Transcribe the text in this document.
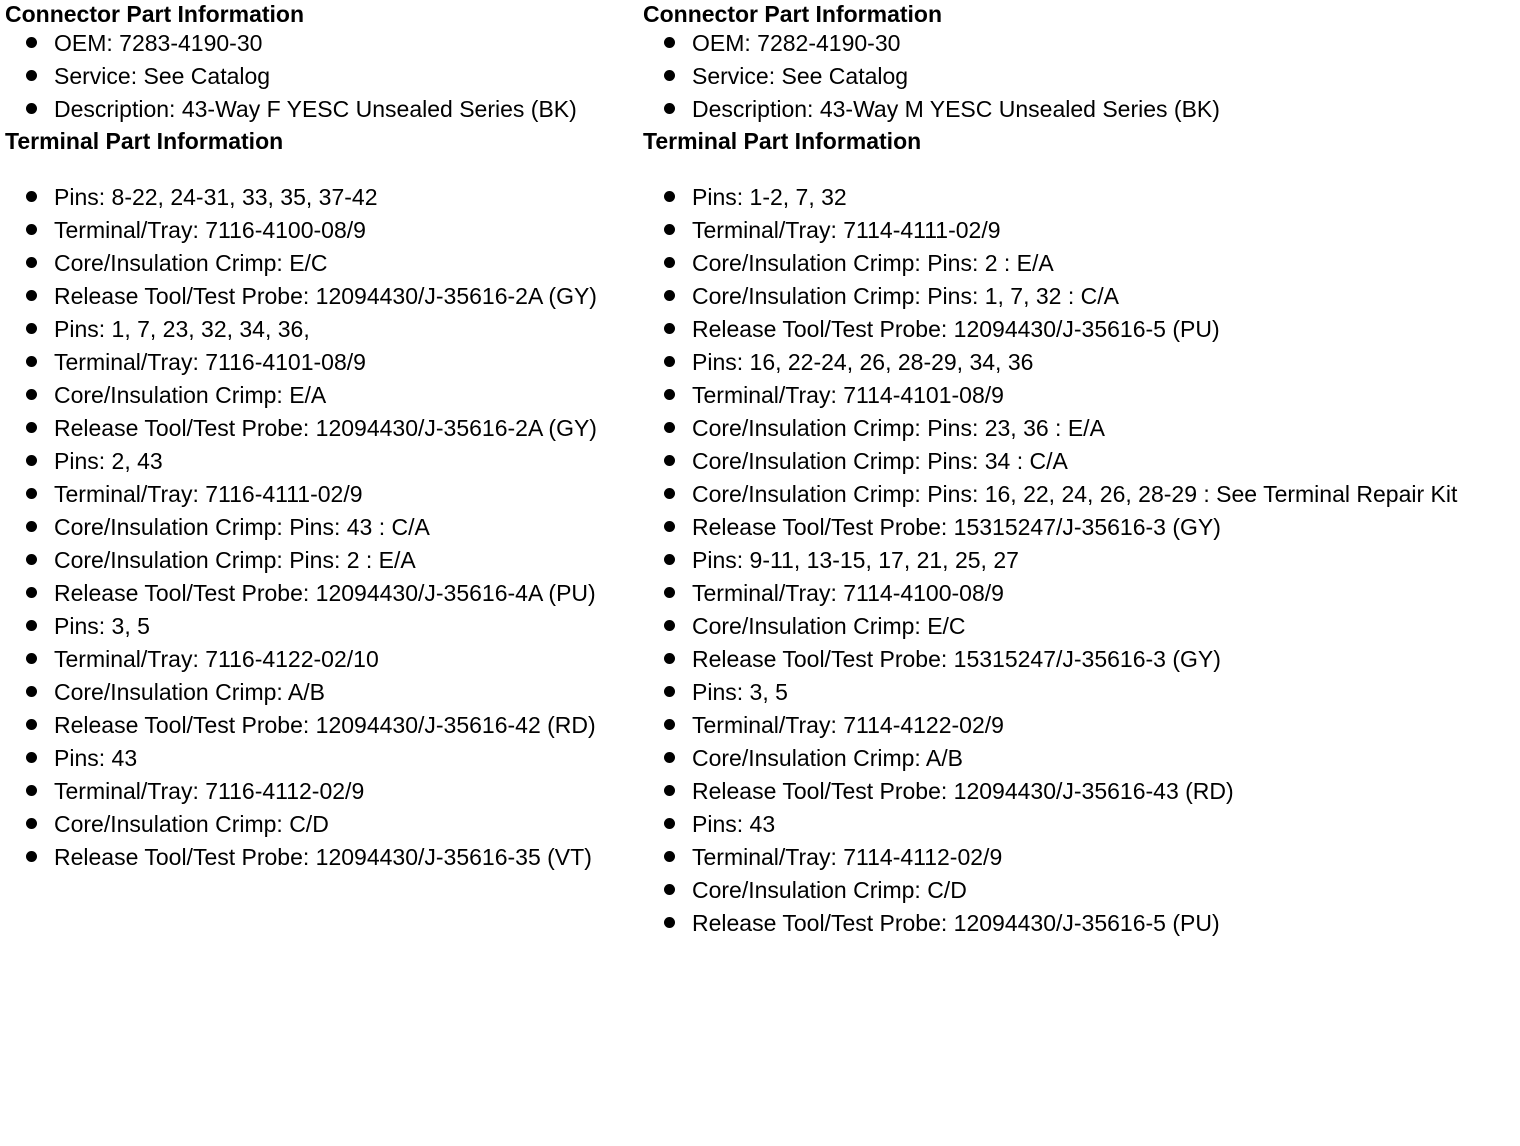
Connector Part Information
OEM: 7283-4190-30
Service: See Catalog
Description: 43-Way F YESC Unsealed Series (BK)
Terminal Part Information
Pins: 8-22, 24-31, 33, 35, 37-42
Terminal/Tray: 7116-4100-08/9
Core/Insulation Crimp: E/C
Release Tool/Test Probe: 12094430/J-35616-2A (GY)
Pins: 1, 7, 23, 32, 34, 36,
Terminal/Tray: 7116-4101-08/9
Core/Insulation Crimp: E/A
Release Tool/Test Probe: 12094430/J-35616-2A (GY)
Pins: 2, 43
Terminal/Tray: 7116-4111-02/9
Core/Insulation Crimp: Pins: 43 : C/A
Core/Insulation Crimp: Pins: 2 : E/A
Release Tool/Test Probe: 12094430/J-35616-4A (PU)
Pins: 3, 5
Terminal/Tray: 7116-4122-02/10
Core/Insulation Crimp: A/B
Release Tool/Test Probe: 12094430/J-35616-42 (RD)
Pins: 43
Terminal/Tray: 7116-4112-02/9
Core/Insulation Crimp: C/D
Release Tool/Test Probe: 12094430/J-35616-35 (VT)
Connector Part Information
OEM: 7282-4190-30
Service: See Catalog
Description: 43-Way M YESC Unsealed Series (BK)
Terminal Part Information
Pins: 1-2, 7, 32
Terminal/Tray: 7114-4111-02/9
Core/Insulation Crimp: Pins: 2 : E/A
Core/Insulation Crimp: Pins: 1, 7, 32 : C/A
Release Tool/Test Probe: 12094430/J-35616-5 (PU)
Pins: 16, 22-24, 26, 28-29, 34, 36
Terminal/Tray: 7114-4101-08/9
Core/Insulation Crimp: Pins: 23, 36 : E/A
Core/Insulation Crimp: Pins: 34 : C/A
Core/Insulation Crimp: Pins: 16, 22, 24, 26, 28-29 : See Terminal Repair Kit
Release Tool/Test Probe: 15315247/J-35616-3 (GY)
Pins: 9-11, 13-15, 17, 21, 25, 27
Terminal/Tray: 7114-4100-08/9
Core/Insulation Crimp: E/C
Release Tool/Test Probe: 15315247/J-35616-3 (GY)
Pins: 3, 5
Terminal/Tray: 7114-4122-02/9
Core/Insulation Crimp: A/B
Release Tool/Test Probe: 12094430/J-35616-43 (RD)
Pins: 43
Terminal/Tray: 7114-4112-02/9
Core/Insulation Crimp: C/D
Release Tool/Test Probe: 12094430/J-35616-5 (PU)
